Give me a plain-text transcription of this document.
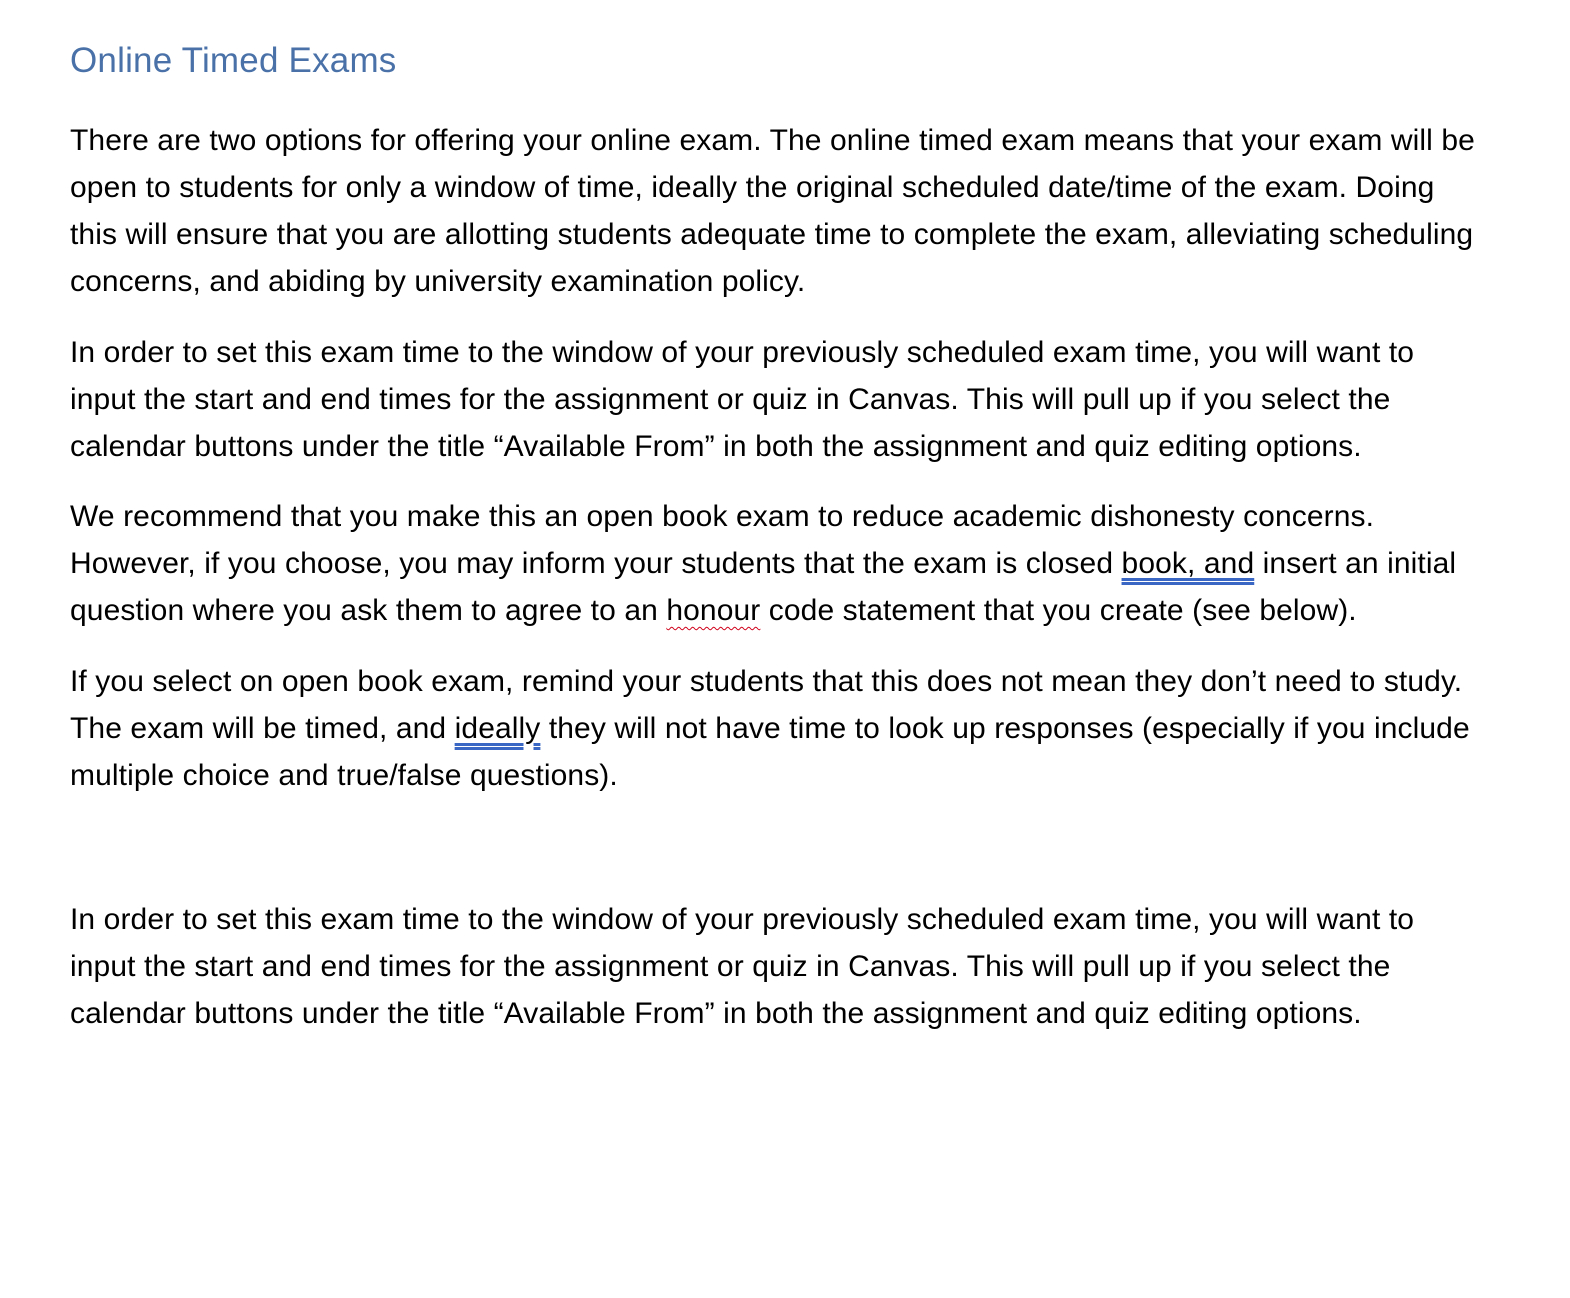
Online Timed Exams

There are two options for offering your online exam. The online timed exam means that your exam will be open to students for only a window of time, ideally the original scheduled date/time of the exam. Doing this will ensure that you are allotting students adequate time to complete the exam, alleviating scheduling concerns, and abiding by university examination policy.

In order to set this exam time to the window of your previously scheduled exam time, you will want to input the start and end times for the assignment or quiz in Canvas. This will pull up if you select the calendar buttons under the title “Available From” in both the assignment and quiz editing options.

We recommend that you make this an open book exam to reduce academic dishonesty concerns. However, if you choose, you may inform your students that the exam is closed book, and insert an initial question where you ask them to agree to an honour code statement that you create (see below).

If you select on open book exam, remind your students that this does not mean they don’t need to study. The exam will be timed, and ideally they will not have time to look up responses (especially if you include multiple choice and true/false questions).

In order to set this exam time to the window of your previously scheduled exam time, you will want to input the start and end times for the assignment or quiz in Canvas. This will pull up if you select the calendar buttons under the title “Available From” in both the assignment and quiz editing options.
